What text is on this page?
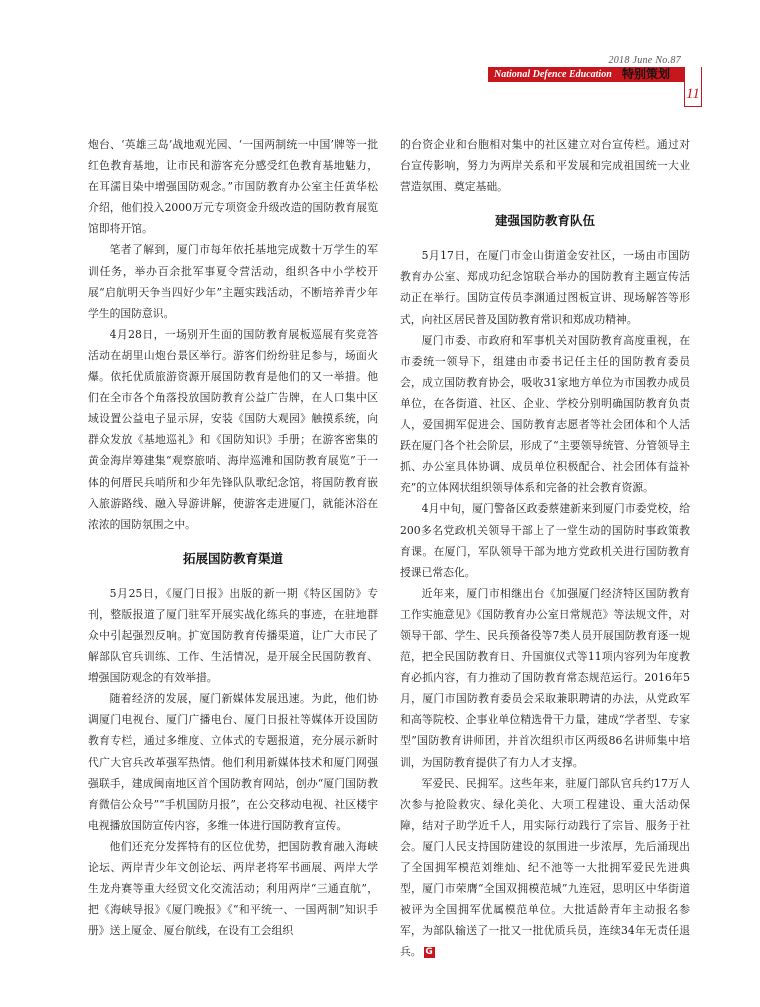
2018 June No.87
National Defence Education 特别策划
11

炮台、‘英雄三岛’战地观光园、‘一国两制统一中国’牌等一批红色教育基地，让市民和游客充分感受红色教育基地魅力，在耳濡目染中增强国防观念。”市国防教育办公室主任黄华松介绍，他们投入2000万元专项资金升级改造的国防教育展览馆即将开馆。

笔者了解到，厦门市每年依托基地完成数十万学生的军训任务，举办百余批军事夏令营活动，组织各中小学校开展“启航明天争当四好少年”主题实践活动，不断培养青少年学生的国防意识。

4月28日，一场别开生面的国防教育展板巡展有奖竞答活动在胡里山炮台景区举行。游客们纷纷驻足参与，场面火爆。依托优质旅游资源开展国防教育是他们的又一举措。他们在全市各个角落投放国防教育公益广告牌，在人口集中区域设置公益电子显示屏，安装《国防大观园》触摸系统，向群众发放《基地巡礼》和《国防知识》手册；在游客密集的黄金海岸筹建集“观察旅哨、海岸巡滩和国防教育展览”于一体的何厝民兵哨所和少年先锋队队歌纪念馆，将国防教育嵌入旅游路线、融入导游讲解，使游客走进厦门，就能沐浴在浓浓的国防氛围之中。

拓展国防教育渠道

5月25日，《厦门日报》出版的新一期《特区国防》专刊，整版报道了厦门驻军开展实战化练兵的事迹，在驻地群众中引起强烈反响。扩宽国防教育传播渠道，让广大市民了解部队官兵训练、工作、生活情况，是开展全民国防教育、增强国防观念的有效举措。

随着经济的发展，厦门新媒体发展迅速。为此，他们协调厦门电视台、厦门广播电台、厦门日报社等媒体开设国防教育专栏，通过多维度、立体式的专题报道，充分展示新时代广大官兵改革强军热情。他们利用新媒体技术和厦门网强强联手，建成闽南地区首个国防教育网站，创办“厦门国防教育微信公众号”“手机国防月报”，在公交移动电视、社区楼宇电视播放国防宣传内容，多维一体进行国防教育宣传。

他们还充分发挥特有的区位优势，把国防教育融入海峡论坛、两岸青少年文创论坛、两岸老将军书画展、两岸大学生龙舟赛等重大经贸文化交流活动；利用两岸“三通直航”，把《海峡导报》《厦门晚报》《“和平统一、一国两制”知识手册》送上厦金、厦台航线，在设有工会组织

的台资企业和台胞相对集中的社区建立对台宣传栏。通过对台宣传影响，努力为两岸关系和平发展和完成祖国统一大业营造氛围、奠定基础。

建强国防教育队伍

5月17日，在厦门市金山街道金安社区，一场由市国防教育办公室、郑成功纪念馆联合举办的国防教育主题宣传活动正在举行。国防宣传员李渊通过图板宣讲、现场解答等形式，向社区居民普及国防教育常识和郑成功精神。

厦门市委、市政府和军事机关对国防教育高度重视，在市委统一领导下，组建由市委书记任主任的国防教育委员会，成立国防教育协会，吸收31家地方单位为市国教办成员单位，在各街道、社区、企业、学校分别明确国防教育负责人，爱国拥军促进会、国防教育志愿者等社会团体和个人活跃在厦门各个社会阶层，形成了“主要领导统管、分管领导主抓、办公室具体协调、成员单位积极配合、社会团体有益补充”的立体网状组织领导体系和完备的社会教育资源。

4月中旬，厦门警备区政委蔡建新来到厦门市委党校，给200多名党政机关领导干部上了一堂生动的国防时事政策教育课。在厦门，军队领导干部为地方党政机关进行国防教育授课已常态化。

近年来，厦门市相继出台《加强厦门经济特区国防教育工作实施意见》《国防教育办公室日常规范》等法规文件，对领导干部、学生、民兵预备役等7类人员开展国防教育逐一规范，把全民国防教育日、升国旗仪式等11项内容列为年度教育必抓内容，有力推动了国防教育常态规范运行。2016年5月，厦门市国防教育委员会采取兼职聘请的办法，从党政军和高等院校、企事业单位精选骨干力量，建成“学者型、专家型”国防教育讲师团，并首次组织市区两级86名讲师集中培训，为国防教育提供了有力人才支撑。

军爱民、民拥军。这些年来，驻厦门部队官兵约17万人次参与抢险救灾、绿化美化、大项工程建设、重大活动保障，结对子助学近千人，用实际行动践行了宗旨、服务于社会。厦门人民支持国防建设的氛围进一步浓厚，先后涌现出了全国拥军模范刘维灿、纪不池等一大批拥军爱民先进典型，厦门市荣膺“全国双拥模范城”九连冠，思明区中华街道被评为全国拥军优属模范单位。大批适龄青年主动报名参军，为部队输送了一批又一批优质兵员，连续34年无责任退兵。 G
